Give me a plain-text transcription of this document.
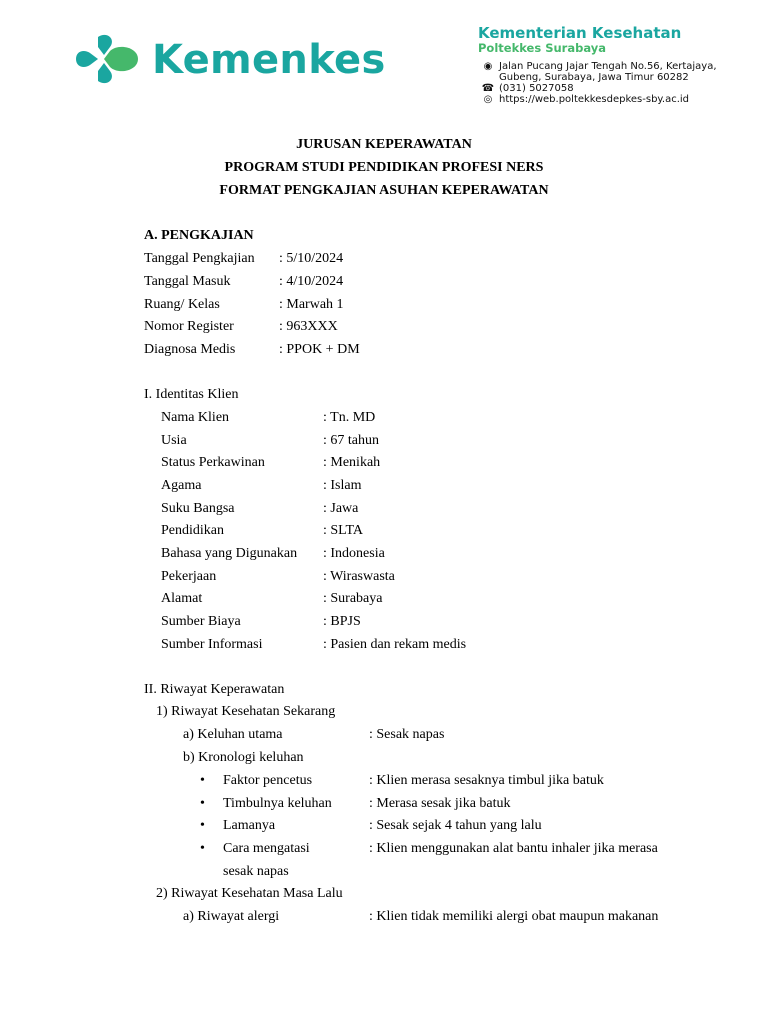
Kemenkes
Kementerian Kesehatan
Poltekkes Surabaya
◉ Jalan Pucang Jajar Tengah No.56, Kertajaya,
Gubeng, Surabaya, Jawa Timur 60282
☎ (031) 5027058
◎ https://web.poltekkesdepkes-sby.ac.id
JURUSAN KEPERAWATAN
PROGRAM STUDI PENDIDIKAN PROFESI NERS
FORMAT PENGKAJIAN ASUHAN KEPERAWATAN
A. PENGKAJIAN
Tanggal Pengkajian : 5/10/2024
Tanggal Masuk	: 4/10/2024
Ruang/ Kelas	: Marwah 1
Nomor Register	: 963XXX
Diagnosa Medis	: PPOK + DM
I. Identitas Klien
Nama Klien	: Tn. MD
Usia	: 67 tahun
Status Perkawinan	: Menikah
Agama	: Islam
Suku Bangsa	: Jawa
Pendidikan	: SLTA
Bahasa yang Digunakan : Indonesia
Pekerjaan	: Wiraswasta
Alamat	: Surabaya
Sumber Biaya	: BPJS
Sumber Informasi	: Pasien dan rekam medis
II. Riwayat Keperawatan
1) Riwayat Kesehatan Sekarang
a) Keluhan utama	: Sesak napas
b) Kronologi keluhan
• Faktor pencetus	: Klien merasa sesaknya timbul jika batuk
• Timbulnya keluhan	: Merasa sesak jika batuk
• Lamanya	: Sesak sejak 4 tahun yang lalu
• Cara mengatasi	: Klien menggunakan alat bantu inhaler jika merasa
sesak napas
2) Riwayat Kesehatan Masa Lalu
a) Riwayat alergi	: Klien tidak memiliki alergi obat maupun makanan
